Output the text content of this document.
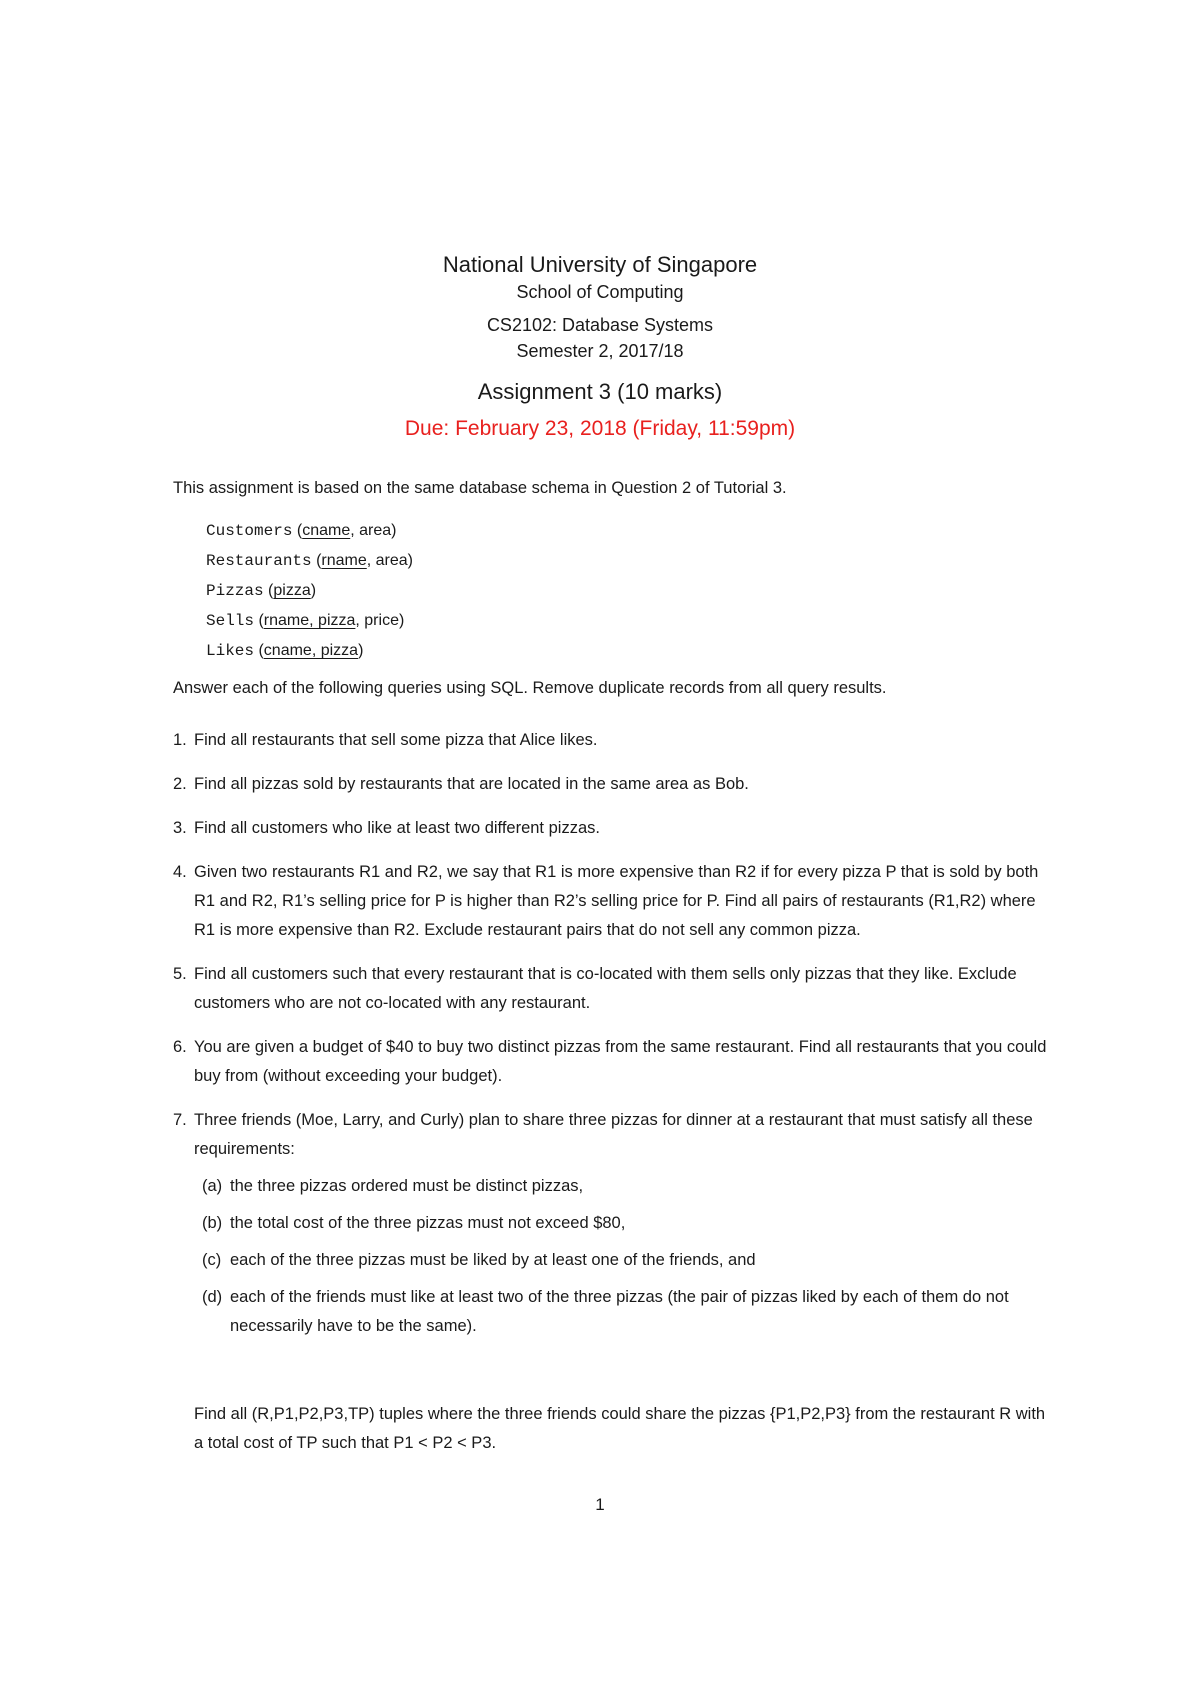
National University of Singapore
School of Computing
CS2102: Database Systems
Semester 2, 2017/18
Assignment 3 (10 marks)
Due: February 23, 2018 (Friday, 11:59pm)
This assignment is based on the same database schema in Question 2 of Tutorial 3.
Customers (cname, area)
Restaurants (rname, area)
Pizzas (pizza)
Sells (rname, pizza, price)
Likes (cname, pizza)
Answer each of the following queries using SQL. Remove duplicate records from all query results.
1. Find all restaurants that sell some pizza that Alice likes.
2. Find all pizzas sold by restaurants that are located in the same area as Bob.
3. Find all customers who like at least two different pizzas.
4. Given two restaurants R1 and R2, we say that R1 is more expensive than R2 if for every pizza P that is sold by both R1 and R2, R1’s selling price for P is higher than R2’s selling price for P. Find all pairs of restaurants (R1,R2) where R1 is more expensive than R2. Exclude restaurant pairs that do not sell any common pizza.
5. Find all customers such that every restaurant that is co-located with them sells only pizzas that they like. Exclude customers who are not co-located with any restaurant.
6. You are given a budget of $40 to buy two distinct pizzas from the same restaurant. Find all restaurants that you could buy from (without exceeding your budget).
7. Three friends (Moe, Larry, and Curly) plan to share three pizzas for dinner at a restaurant that must satisfy all these requirements:
(a) the three pizzas ordered must be distinct pizzas,
(b) the total cost of the three pizzas must not exceed $80,
(c) each of the three pizzas must be liked by at least one of the friends, and
(d) each of the friends must like at least two of the three pizzas (the pair of pizzas liked by each of them do not necessarily have to be the same).
Find all (R,P1,P2,P3,TP) tuples where the three friends could share the pizzas {P1,P2,P3} from the restaurant R with a total cost of TP such that P1 < P2 < P3.
1
